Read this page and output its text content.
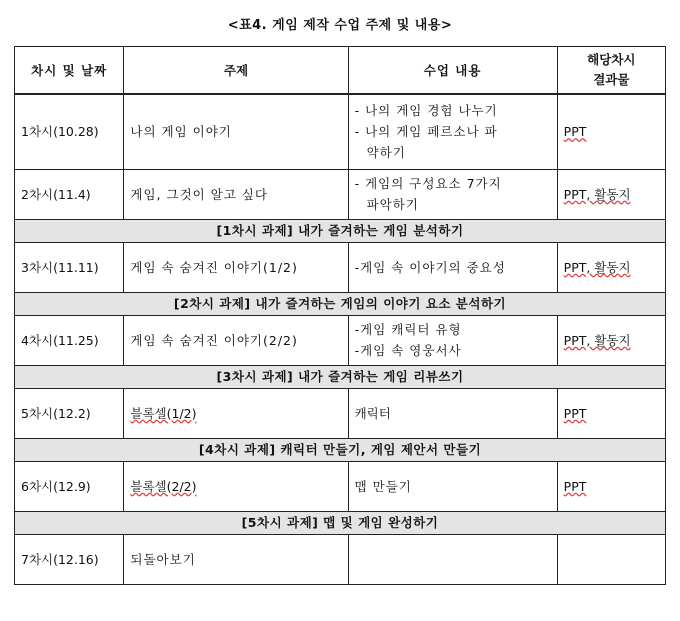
<표4. 게임 제작 수업 주제 및 내용>
차시 및 날짜	주제	수업 내용	해당차시
결과물

1차시(10.28)	나의 게임 이야기	- 나의 게임 경험 나누기
- 나의 게임 페르소나 파
약하기	PPT
2차시(11.4)	게임, 그것이 알고 싶다	- 게임의 구성요소 7가지
파악하기	PPT, 활동지
[1차시 과제] 내가 즐겨하는 게임 분석하기			
3차시(11.11)	게임 속 숨겨진 이야기(1/2)	-게임 속 이야기의 중요성	PPT, 활동지
[2차시 과제] 내가 즐겨하는 게임의 이야기 요소 분석하기			
4차시(11.25)	게임 속 숨겨진 이야기(2/2)	-게임 캐릭터 유형
-게임 속 영웅서사	PPT, 활동지
[3차시 과제] 내가 즐겨하는 게임 리뷰쓰기			
5차시(12.2)	블록셀(1/2)	캐릭터	PPT
[4차시 과제] 캐릭터 만들기, 게임 제안서 만들기			
6차시(12.9)	블록셀(2/2)	맵 만들기	PPT
[5차시 과제] 맵 및 게임 완성하기			
7차시(12.16)	되돌아보기	
